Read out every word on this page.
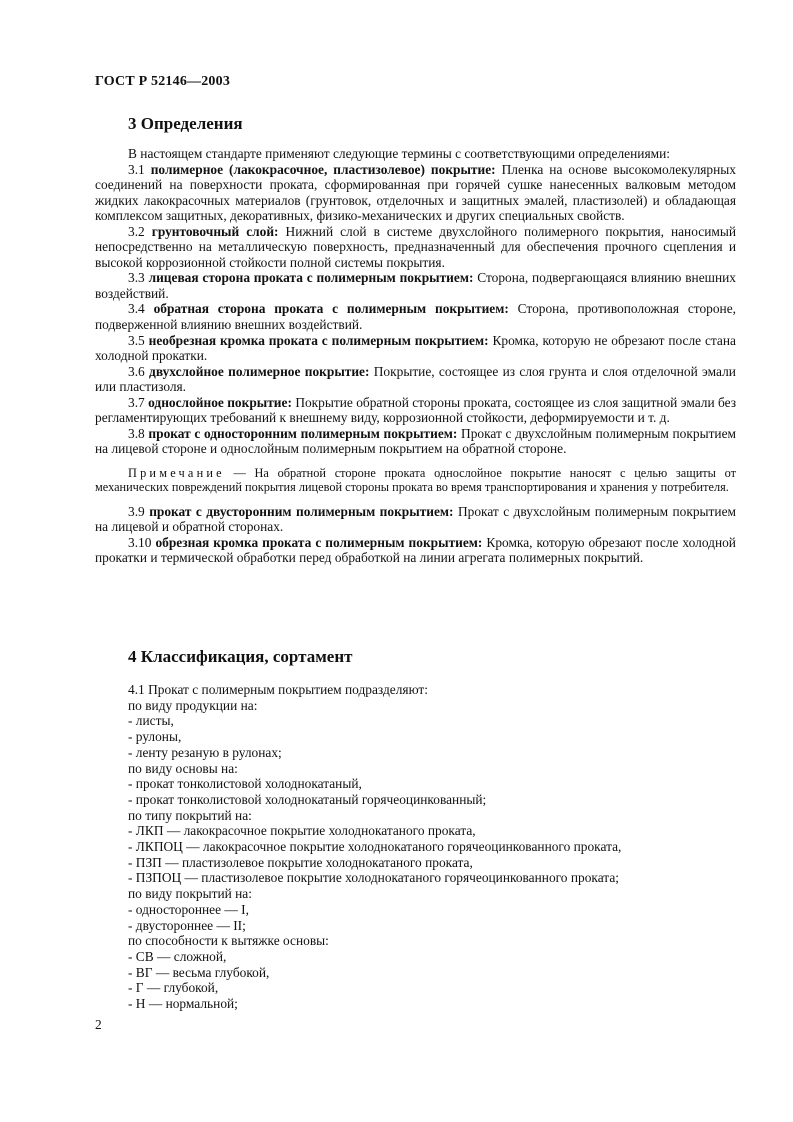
ГОСТ Р 52146—2003
3 Определения

В настоящем стандарте применяют следующие термины с соответствующими определениями:

3.1 полимерное (лакокрасочное, пластизолевое) покрытие: Пленка на основе высокомолекулярных соединений на поверхности проката, сформированная при горячей сушке нанесенных валковым методом жидких лакокрасочных материалов (грунтовок, отделочных и защитных эмалей, пластизолей) и обладающая комплексом защитных, декоративных, физико-механических и других специальных свойств.

3.2 грунтовочный слой: Нижний слой в системе двухслойного полимерного покрытия, наносимый непосредственно на металлическую поверхность, предназначенный для обеспечения прочного сцепления и высокой коррозионной стойкости полной системы покрытия.

3.3 лицевая сторона проката с полимерным покрытием: Сторона, подвергающаяся влиянию внешних воздействий.

3.4 обратная сторона проката с полимерным покрытием: Сторона, противоположная стороне, подверженной влиянию внешних воздействий.

3.5 необрезная кромка проката с полимерным покрытием: Кромка, которую не обрезают после стана холодной прокатки.

3.6 двухслойное полимерное покрытие: Покрытие, состоящее из слоя грунта и слоя отделочной эмали или пластизоля.

3.7 однослойное покрытие: Покрытие обратной стороны проката, состоящее из слоя защитной эмали без регламентирующих требований к внешнему виду, коррозионной стойкости, деформируемости и т. д.

3.8 прокат с односторонним полимерным покрытием: Прокат с двухслойным полимерным покрытием на лицевой стороне и однослойным полимерным покрытием на обратной стороне.

Примечание — На обратной стороне проката однослойное покрытие наносят с целью защиты от механических повреждений покрытия лицевой стороны проката во время транспортирования и хранения у потребителя.

3.9 прокат с двусторонним полимерным покрытием: Прокат с двухслойным полимерным покрытием на лицевой и обратной сторонах.

3.10 обрезная кромка проката с полимерным покрытием: Кромка, которую обрезают после холодной прокатки и термической обработки перед обработкой на линии агрегата полимерных покрытий.

4 Классификация, сортамент

4.1 Прокат с полимерным покрытием подразделяют:

по виду продукции на:

- листы,

- рулоны,

- ленту резаную в рулонах;

по виду основы на:

- прокат тонколистовой холоднокатаный,

- прокат тонколистовой холоднокатаный горячеоцинкованный;

по типу покрытий на:

- ЛКП — лакокрасочное покрытие холоднокатаного проката,

- ЛКПОЦ — лакокрасочное покрытие холоднокатаного горячеоцинкованного проката,

- ПЗП — пластизолевое покрытие холоднокатаного проката,

- ПЗПОЦ — пластизолевое покрытие холоднокатаного горячеоцинкованного проката;

по виду покрытий на:

- одностороннее — I,

- двустороннее — II;

по способности к вытяжке основы:

- СВ — сложной,

- ВГ — весьма глубокой,

- Г — глубокой,

- Н — нормальной;

2
